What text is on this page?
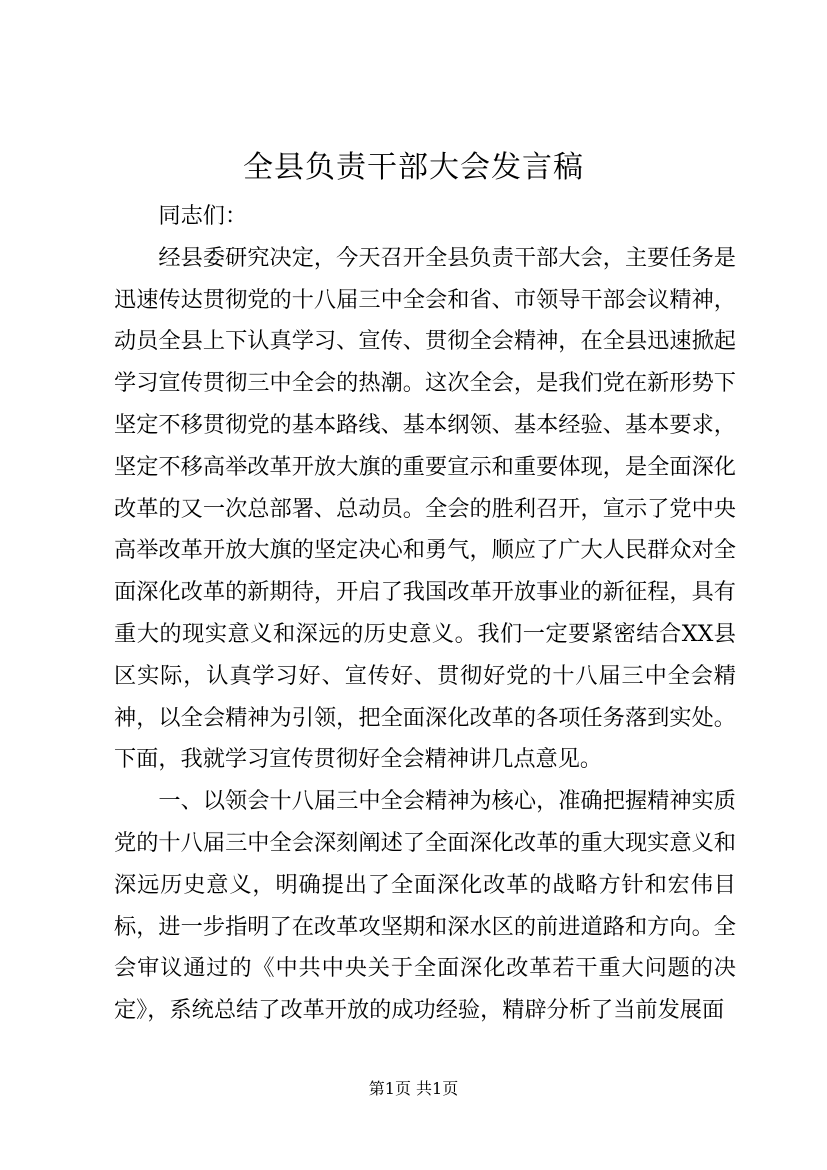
全县负责干部大会发言稿

同志们：

经县委研究决定，今天召开全县负责干部大会，主要任务是迅速传达贯彻党的十八届三中全会和省、市领导干部会议精神，动员全县上下认真学习、宣传、贯彻全会精神，在全县迅速掀起学习宣传贯彻三中全会的热潮。这次全会，是我们党在新形势下坚定不移贯彻党的基本路线、基本纲领、基本经验、基本要求，坚定不移高举改革开放大旗的重要宣示和重要体现，是全面深化改革的又一次总部署、总动员。全会的胜利召开，宣示了党中央高举改革开放大旗的坚定决心和勇气，顺应了广大人民群众对全面深化改革的新期待，开启了我国改革开放事业的新征程，具有重大的现实意义和深远的历史意义。我们一定要紧密结合XX县区实际，认真学习好、宣传好、贯彻好党的十八届三中全会精神，以全会精神为引领，把全面深化改革的各项任务落到实处。下面，我就学习宣传贯彻好全会精神讲几点意见。

一、以领会十八届三中全会精神为核心，准确把握精神实质党的十八届三中全会深刻阐述了全面深化改革的重大现实意义和深远历史意义，明确提出了全面深化改革的战略方针和宏伟目标，进一步指明了在改革攻坚期和深水区的前进道路和方向。全会审议通过的《中共中央关于全面深化改革若干重大问题的决定》，系统总结了改革开放的成功经验，精辟分析了当前发展面

第1页 共1页
